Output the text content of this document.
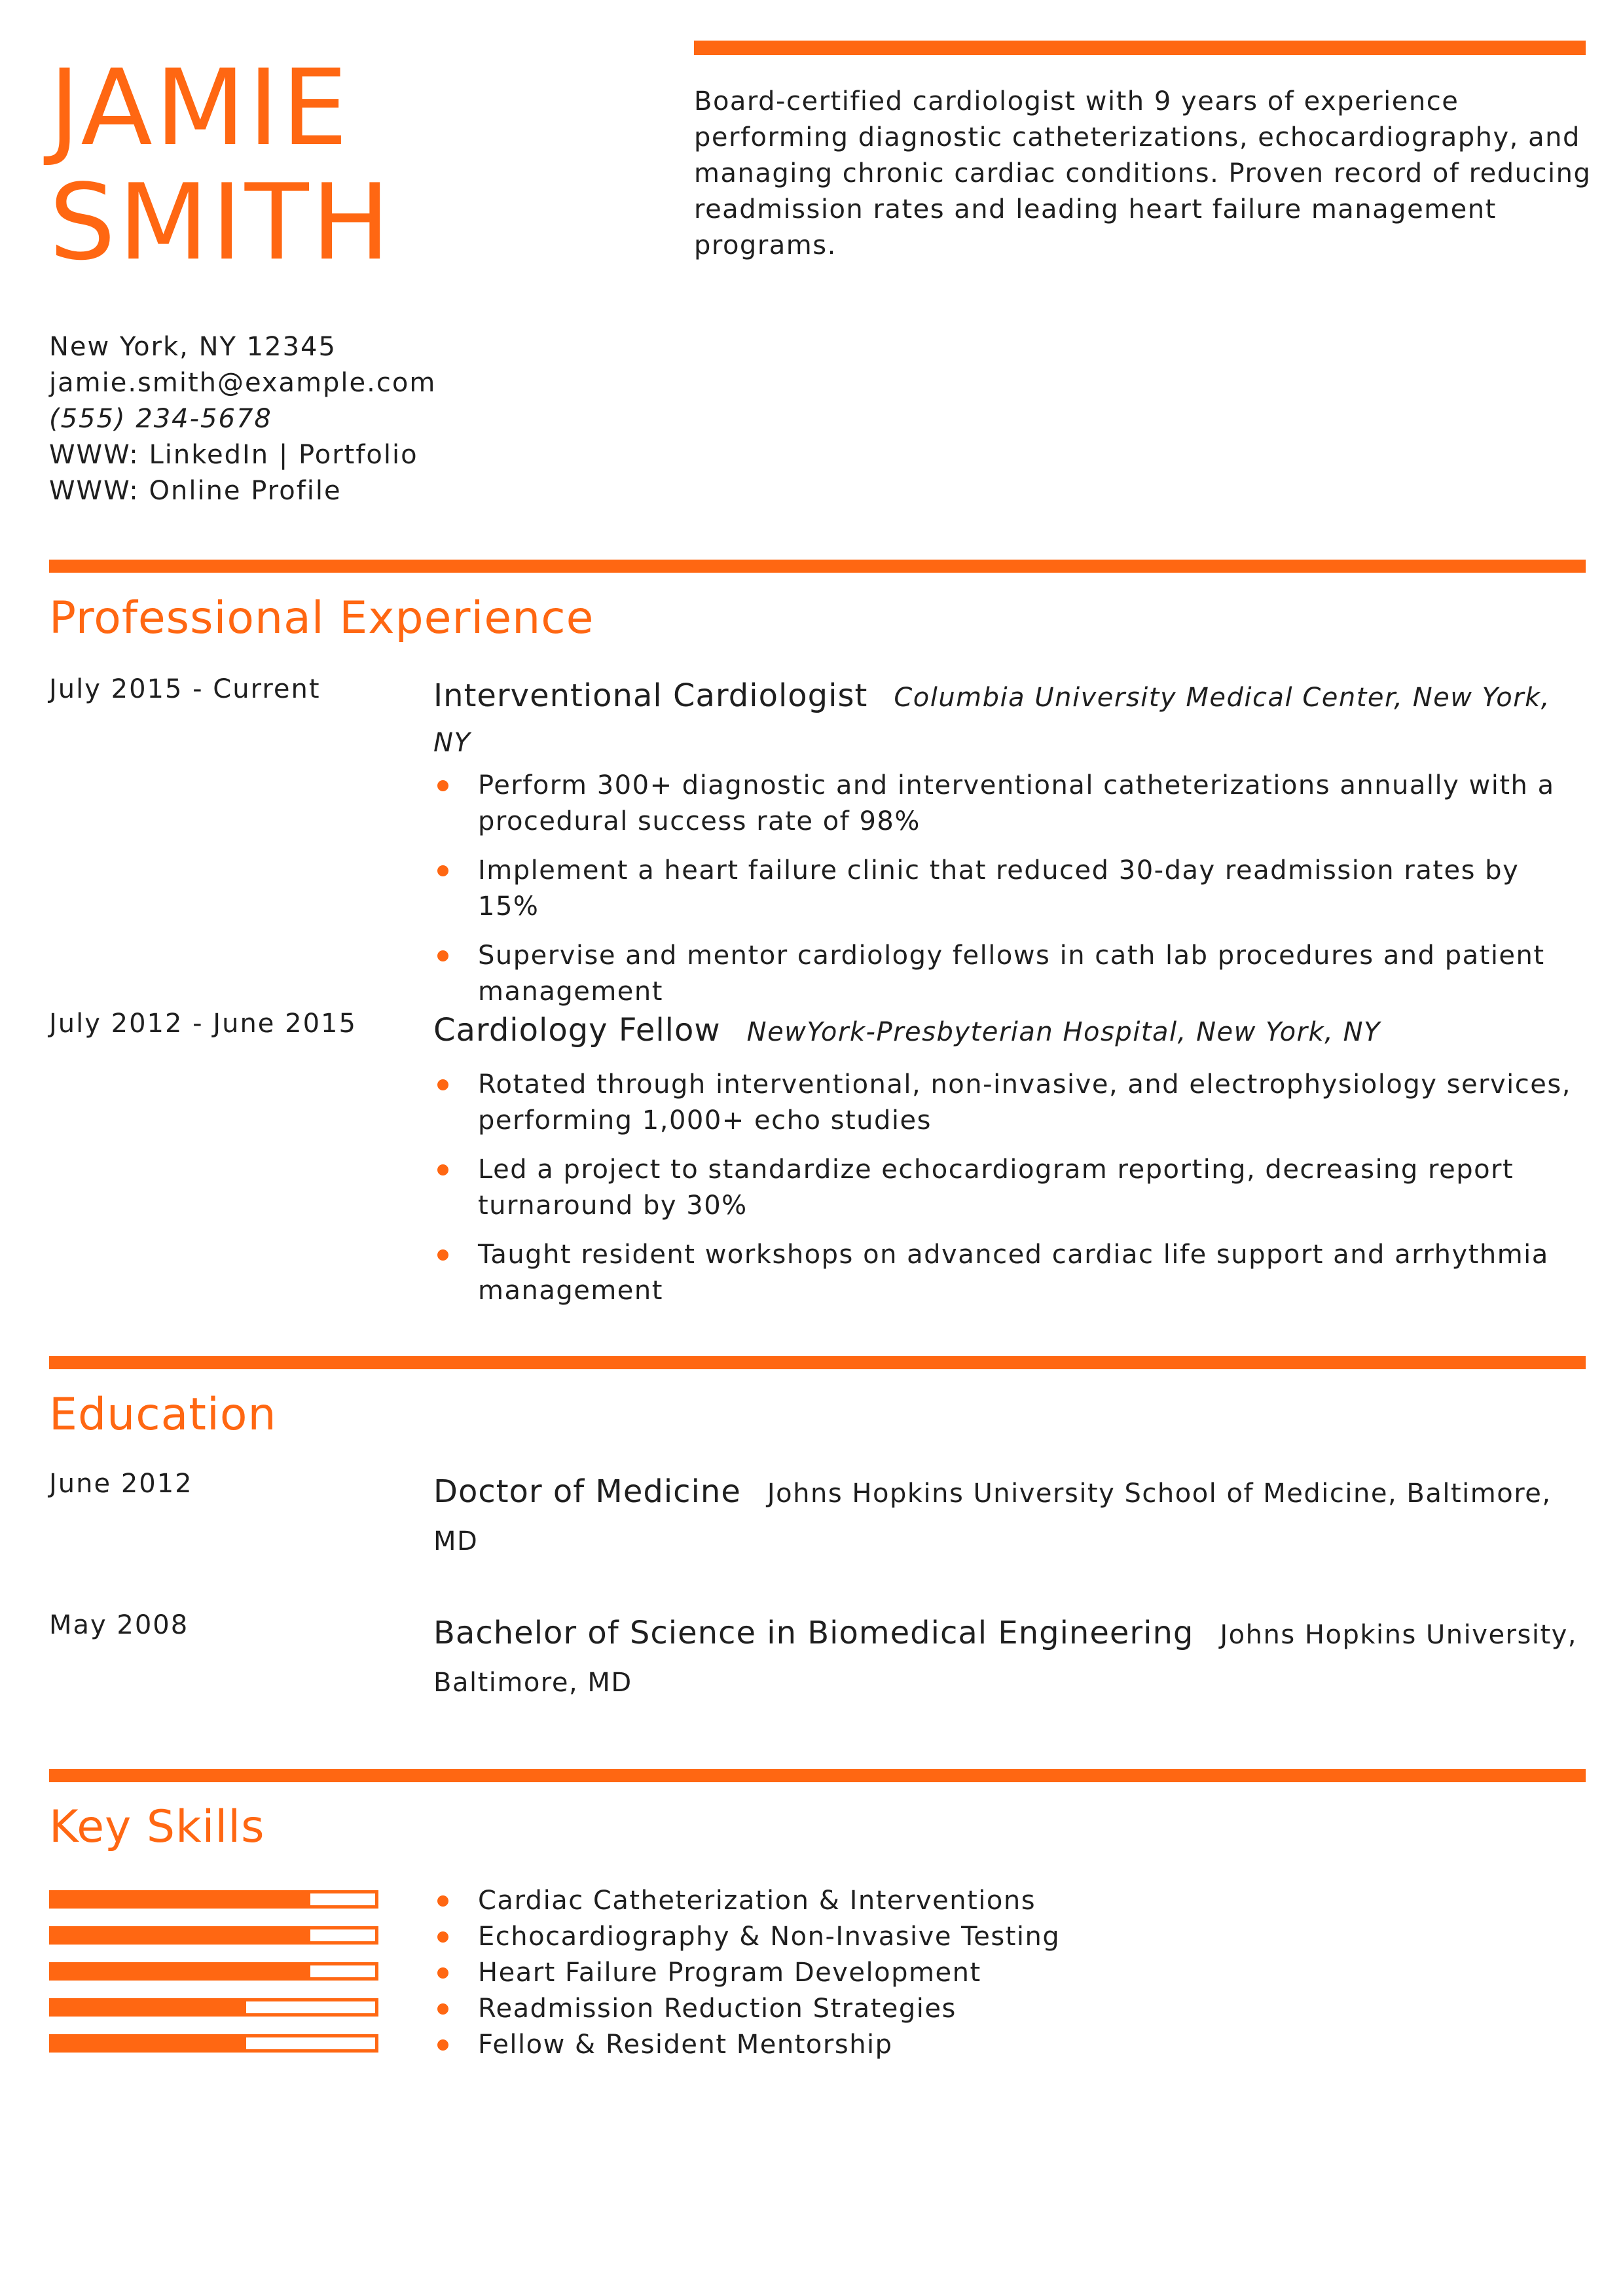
JAMIE
SMITH
Board-certified cardiologist with 9 years of experience performing diagnostic catheterizations, echocardiography, and managing chronic cardiac conditions. Proven record of reducing readmission rates and leading heart failure management programs.
New York, NY 12345
jamie.smith@example.com
(555) 234-5678
WWW: LinkedIn | Portfolio
WWW: Online Profile
Professional Experience
July 2015 - Current	Interventional Cardiologist Columbia University Medical Center, New York, NY
Perform 300+ diagnostic and interventional catheterizations annually with a procedural success rate of 98%
Implement a heart failure clinic that reduced 30-day readmission rates by 15%
Supervise and mentor cardiology fellows in cath lab procedures and patient management
July 2012 - June 2015 Cardiology Fellow NewYork-Presbyterian Hospital, New York, NY
Rotated through interventional, non-invasive, and electrophysiology services, performing 1,000+ echo studies
Led a project to standardize echocardiogram reporting, decreasing report turnaround by 30%
Taught resident workshops on advanced cardiac life support and arrhythmia management
Education
June 2012	Doctor of Medicine Johns Hopkins University School of Medicine, Baltimore, MD
May 2008	Bachelor of Science in Biomedical Engineering Johns Hopkins University, Baltimore, MD
Key Skills
Cardiac Catheterization & Interventions
Echocardiography & Non-Invasive Testing
Heart Failure Program Development
Readmission Reduction Strategies
Fellow & Resident Mentorship
